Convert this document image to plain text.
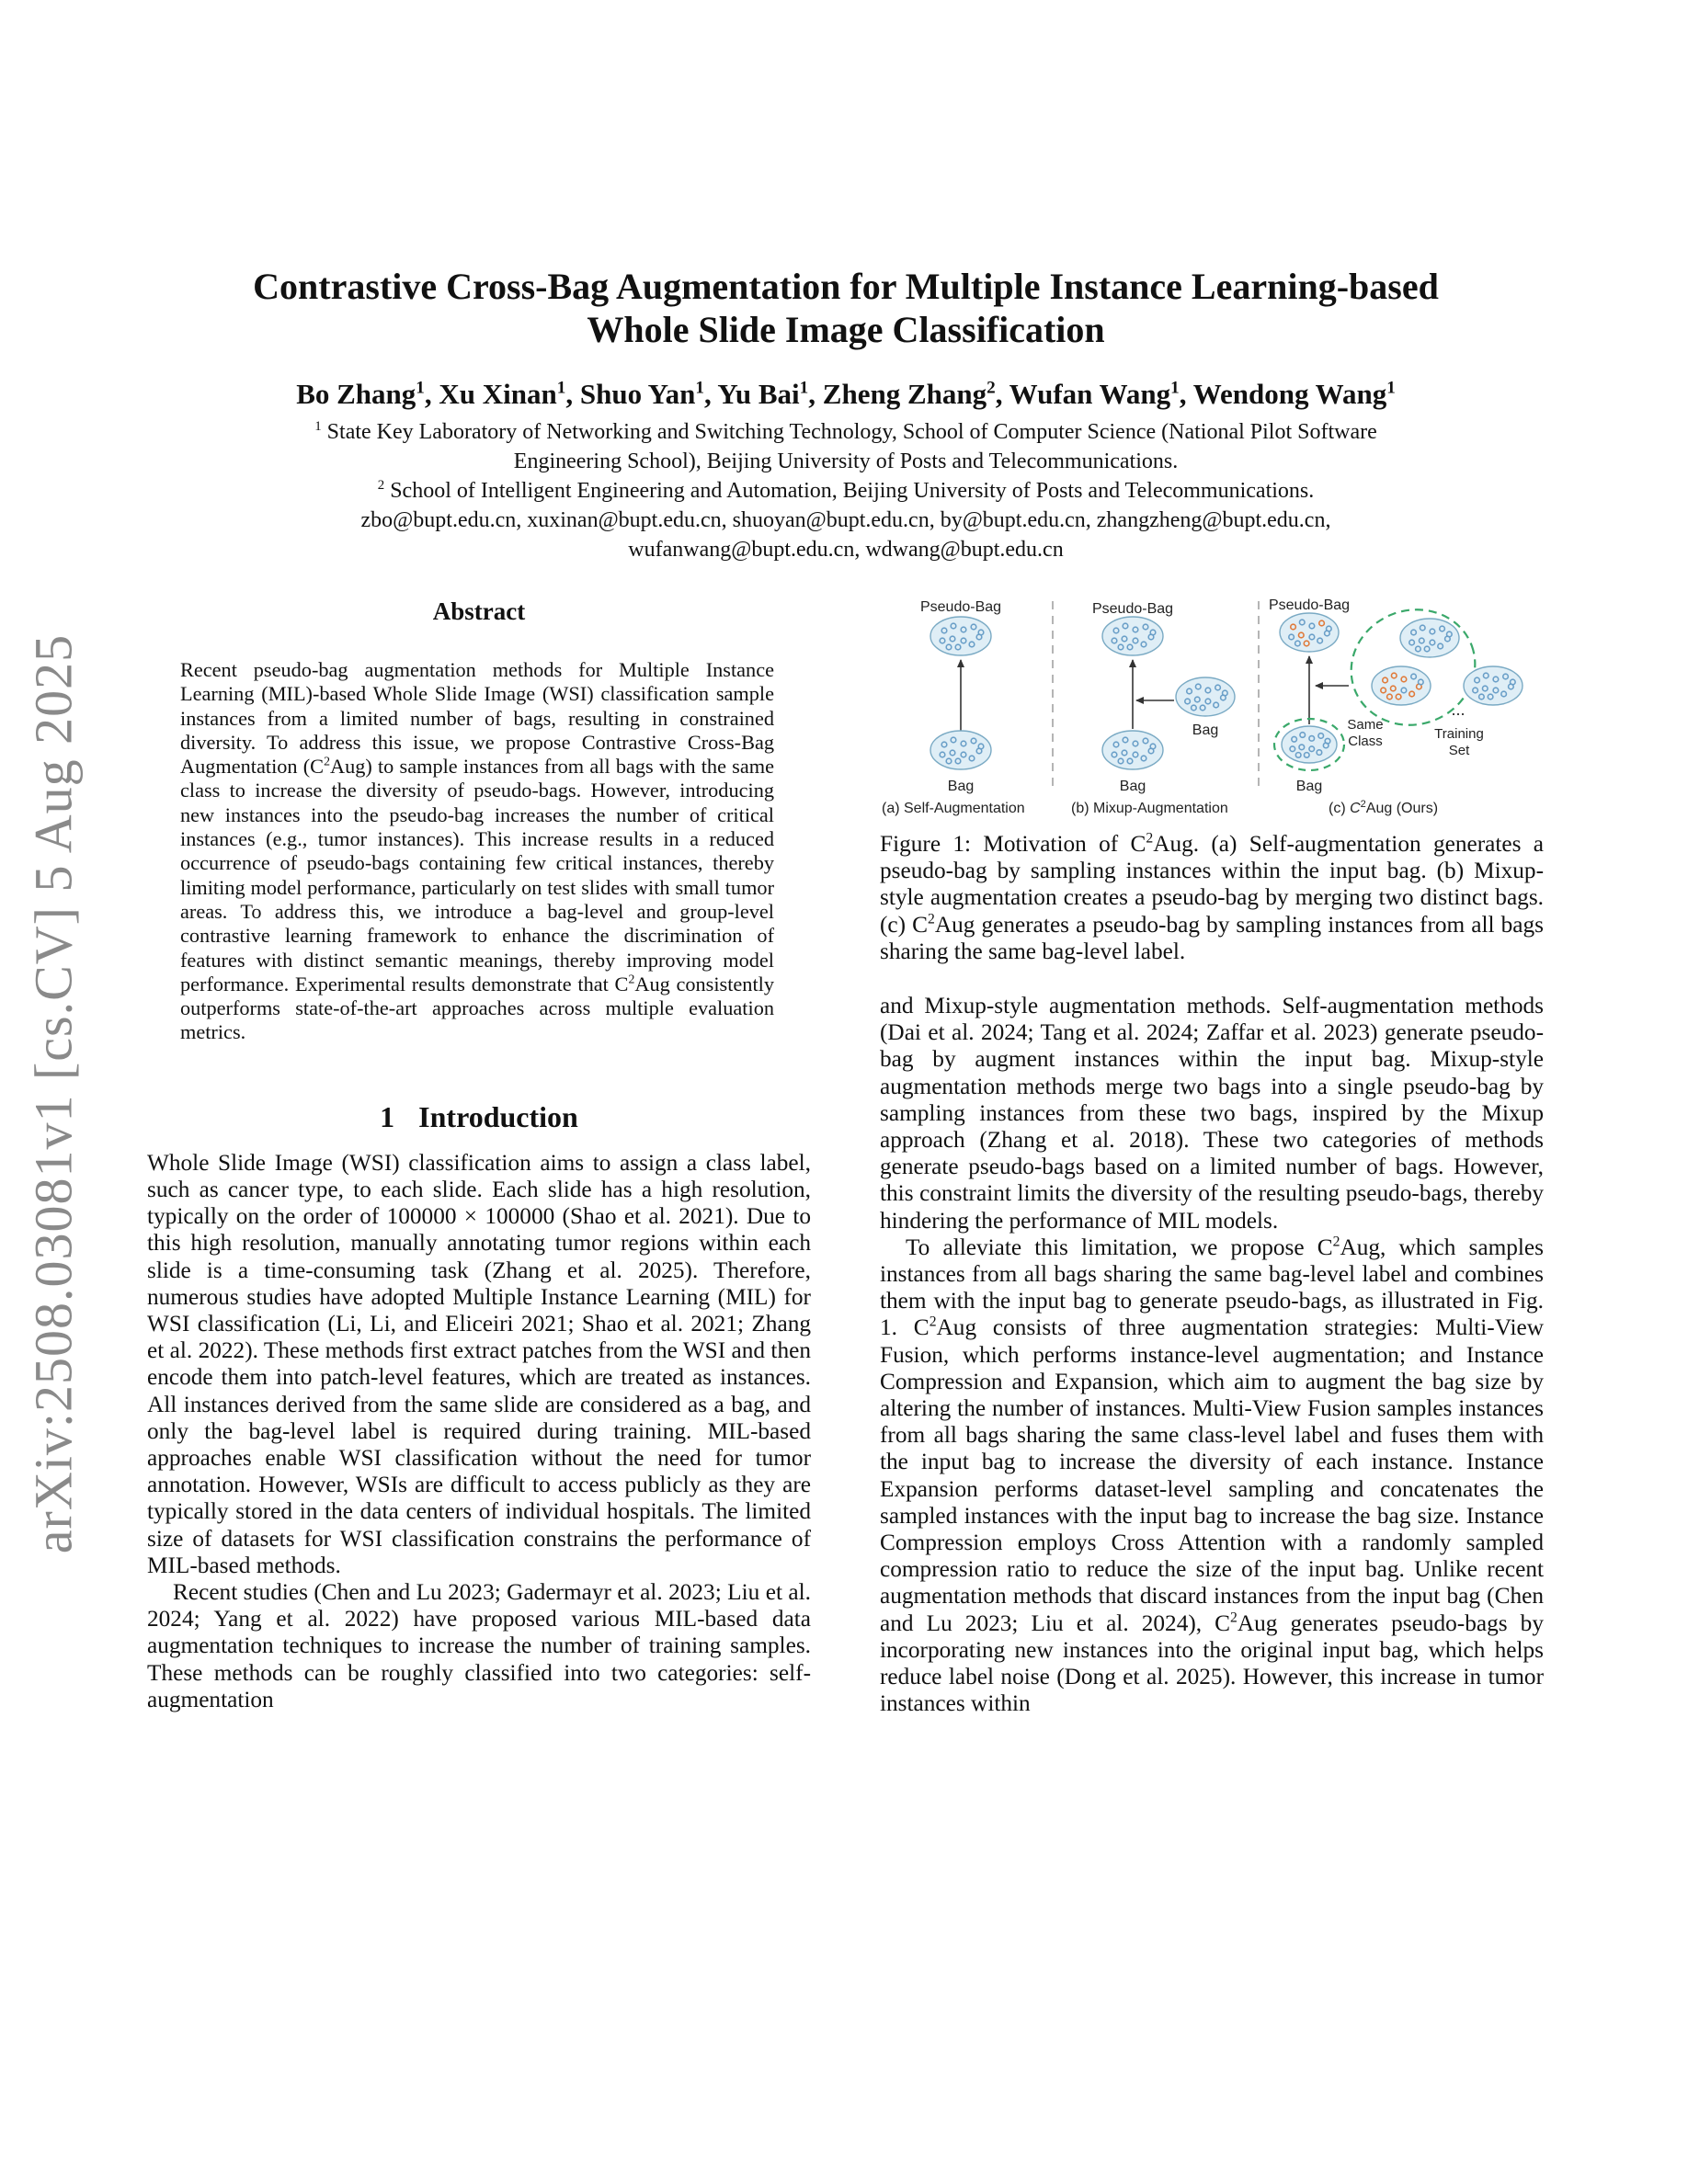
arXiv:2508.03081v1 [cs.CV] 5 Aug 2025
Contrastive Cross-Bag Augmentation for Multiple Instance Learning-based
Whole Slide Image Classification
Bo Zhang$^1$, Xu Xinan$^1$, Shuo Yan$^1$, Yu Bai$^1$, Zheng Zhang$^2$, Wufan Wang$^1$, Wendong Wang$^1$
$^1$ State Key Laboratory of Networking and Switching Technology, School of Computer Science (National Pilot Software
Engineering School), Beijing University of Posts and Telecommunications.
$^2$ School of Intelligent Engineering and Automation, Beijing University of Posts and Telecommunications.
zbo@bupt.edu.cn, xuxinan@bupt.edu.cn, shuoyan@bupt.edu.cn, by@bupt.edu.cn, zhangzheng@bupt.edu.cn,
wufanwang@bupt.edu.cn, wdwang@bupt.edu.cn
Abstract
Recent pseudo-bag augmentation methods for Multiple Instance Learning (MIL)-based Whole Slide Image (WSI) classification sample instances from a limited number of bags, resulting in constrained diversity. To address this issue, we propose Contrastive Cross-Bag Augmentation $(C^2Aug)$ to sample instances from all bags with the same class to increase the diversity of pseudo-bags. However, introducing new instances into the pseudo-bag increases the number of critical instances (e.g., tumor instances). This increase results in a reduced occurrence of pseudo-bags containing few critical instances, thereby limiting model performance, particularly on test slides with small tumor areas. To address this, we introduce a bag-level and group-level contrastive learning framework to enhance the discrimination of features with distinct semantic meanings, thereby improving model performance. Experimental results demonstrate that $C^2Aug$ consistently outperforms state-of-the-art approaches across multiple evaluation metrics.
1 Introduction

Whole Slide Image (WSI) classification aims to assign a class label, such as cancer type, to each slide. Each slide has a high resolution, typically on the order of 100000 × 100000 (Shao et al. 2021). Due to this high resolution, manually annotating tumor regions within each slide is a time-consuming task (Zhang et al. 2025). Therefore, numerous studies have adopted Multiple Instance Learning (MIL) for WSI classification (Li, Li, and Eliceiri 2021; Shao et al. 2021; Zhang et al. 2022). These methods first extract patches from the WSI and then encode them into patch-level features, which are treated as instances. All instances derived from the same slide are considered as a bag, and only the bag-level label is required during training. MIL-based approaches enable WSI classification without the need for tumor annotation. However, WSIs are difficult to access publicly as they are typically stored in the data centers of individual hospitals. The limited size of datasets for WSI classification constrains the performance of MIL-based methods.

Recent studies (Chen and Lu 2023; Gadermayr et al. 2023; Liu et al. 2024; Yang et al. 2022) have proposed various MIL-based data augmentation techniques to increase the number of training samples. These methods can be roughly classified into two categories: self-augmentation

Pseudo-Bag
Bag
Pseudo-Bag
Bag
Bag
Pseudo-Bag
Bag
Same
Class
...
Training
Set
(a) Self-Augmentation	(b) Mixup-Augmentation	(c) $C^2Aug$ (Ours)

Figure 1: Motivation of $C^2Aug$. (a) Self-augmentation generates a pseudo-bag by sampling instances within the input bag. (b) Mixup-style augmentation creates a pseudo-bag by merging two distinct bags. (c) $C^2Aug$ generates a pseudo-bag by sampling instances from all bags sharing the same bag-level label.

and Mixup-style augmentation methods. Self-augmentation methods (Dai et al. 2024; Tang et al. 2024; Zaffar et al. 2023) generate pseudo-bag by augment instances within the input bag. Mixup-style augmentation methods merge two bags into a single pseudo-bag by sampling instances from these two bags, inspired by the Mixup approach (Zhang et al. 2018). These two categories of methods generate pseudo-bags based on a limited number of bags. However, this constraint limits the diversity of the resulting pseudo-bags, thereby hindering the performance of MIL models.

To alleviate this limitation, we propose $C^2Aug$, which samples instances from all bags sharing the same bag-level label and combines them with the input bag to generate pseudo-bags, as illustrated in Fig. 1. $C^2Aug$ consists of three augmentation strategies: Multi-View Fusion, which performs instance-level augmentation; and Instance Compression and Expansion, which aim to augment the bag size by altering the number of instances. Multi-View Fusion samples instances from all bags sharing the same class-level label and fuses them with the input bag to increase the diversity of each instance. Instance Expansion performs dataset-level sampling and concatenates the sampled instances with the input bag to increase the bag size. Instance Compression employs Cross Attention with a randomly sampled compression ratio to reduce the size of the input bag. Unlike recent augmentation methods that discard instances from the input bag (Chen and Lu 2023; Liu et al. 2024), $C^2Aug$ generates pseudo-bags by incorporating new instances into the original input bag, which helps reduce label noise (Dong et al. 2025). However, this increase in tumor instances within
